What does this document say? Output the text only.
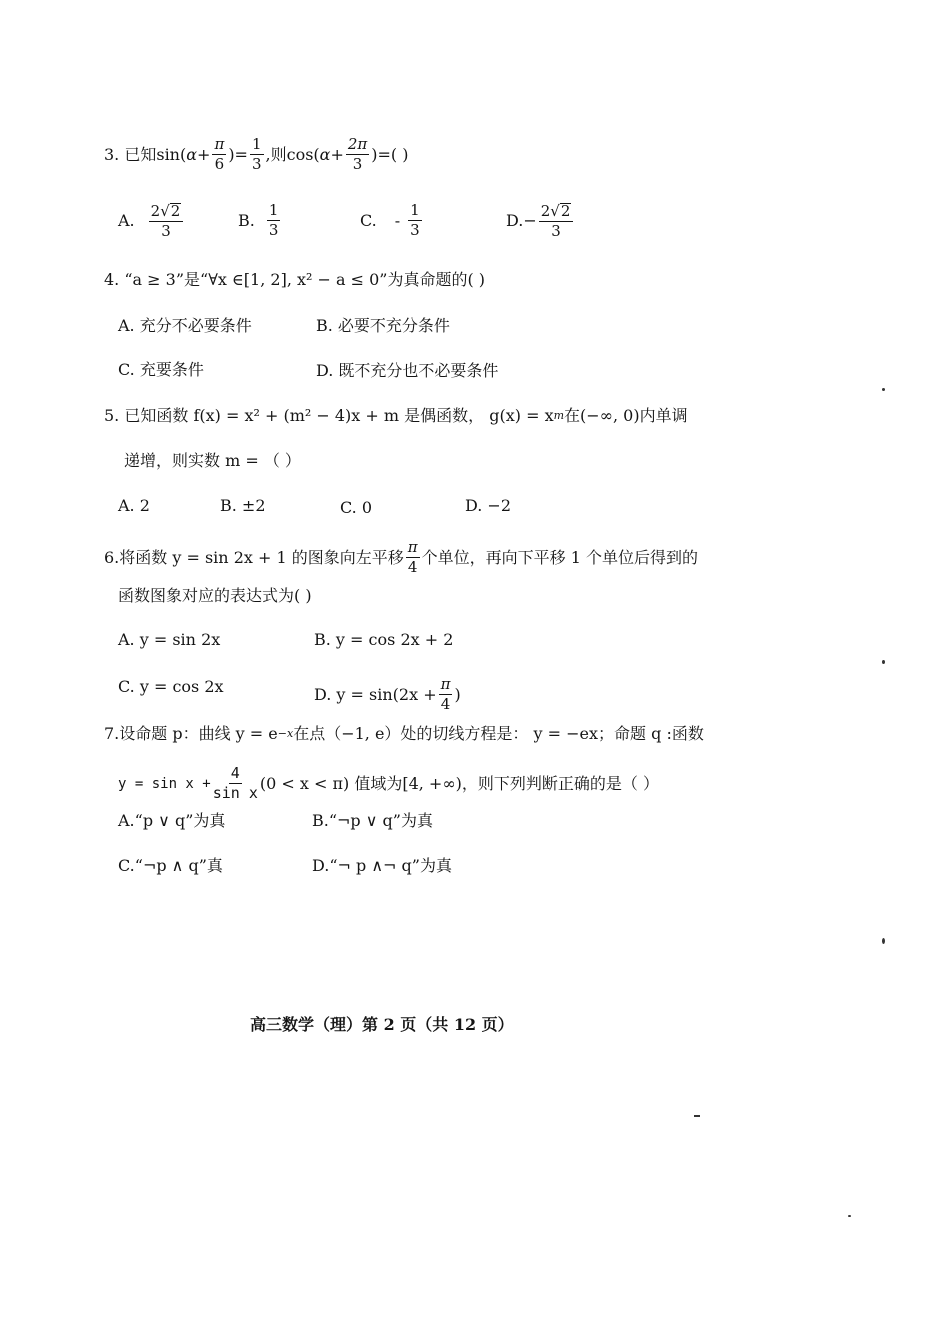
3. 已知sin( $\alpha + \frac{\pi}{6}$ )= $\frac{1}{3}$ ,则cos( $\alpha + \frac{2\pi}{3}$ )=( )
A. $\frac{2√ 2}{3}$	B. $\frac{1}{3}$	C. - $\frac{1}{3}$	$D.- \frac{2√ 2}{3}$
4. “a ≥ 3”是“∀x ∈[1, 2], x² − a ≤ 0”为真命题的( )
A. 充分不必要条件	B. 必要不充分条件
C. 充要条件	D. 既不充分也不必要条件
5. 已知函数 f(x) = x² + (m² − 4)x + m 是偶函数， g(x) = x m 在(−∞, 0)内单调
递增，则实数 m = （ ）
A. 2	B. ±2	C. 0	D. −2
6.将函数 y = sin 2x + 1 的图象向左平移 $\frac{\pi}{4}$ 个单位，再向下平移 1 个单位后得到的
函数图象对应的表达式为( )
A. y = sin 2x	B. y = cos 2x + 2
C. y = cos 2x	D. $y = \sin(2x + \frac{\pi}{4}$ )
7.设命题 p：曲线 y = e −x 在点（−1, e）处的切线方程是： y = −ex；命题 q :函数
$y = \sin x + \frac{4}{\text{sin x}} (0 < x < \pi)$ 值域为[4, +∞)，则下列判断正确的是（ ）
A.“p ∨ q”为真	B.“¬p ∨ q”为真
C.“¬p ∧ q”真	D.“¬ p ∧¬ q”为真
高三数学（理）第 2 页（共 12 页）
